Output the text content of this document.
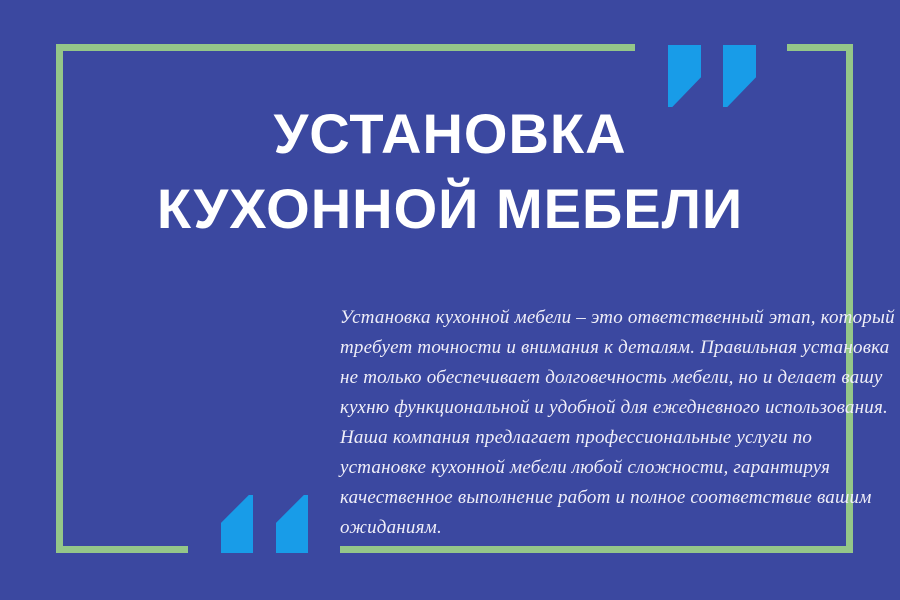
УСТАНОВКА
КУХОННОЙ МЕБЕЛИ
Установка кухонной мебели – это ответственный этап, который
требует точности и внимания к деталям. Правильная установка
не только обеспечивает долговечность мебели, но и делает вашу
кухню функциональной и удобной для ежедневного использования.
Наша компания предлагает профессиональные услуги по
установке кухонной мебели любой сложности, гарантируя
качественное выполнение работ и полное соответствие вашим
ожиданиям.
